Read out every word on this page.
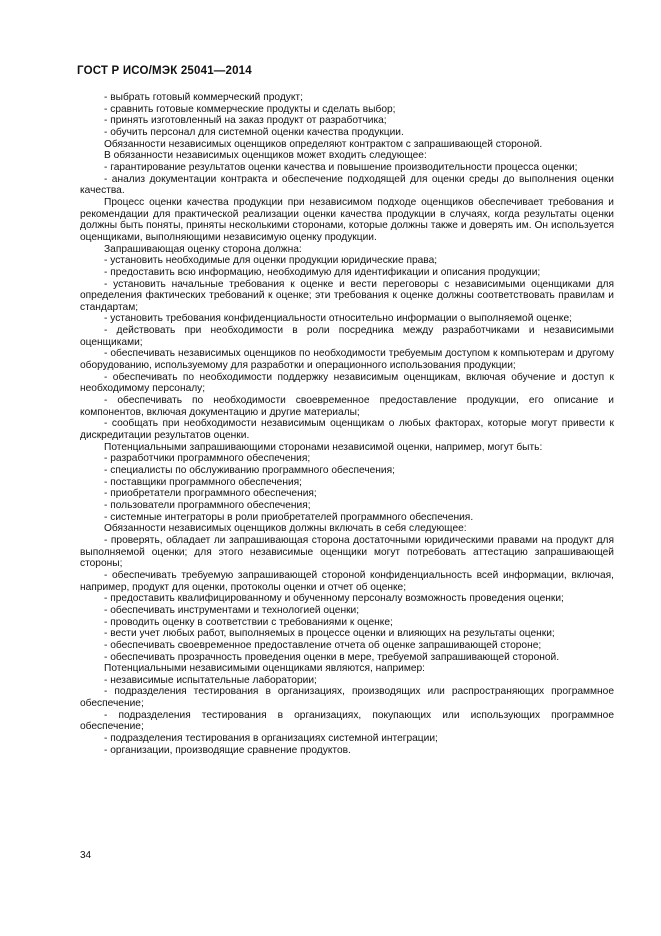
ГОСТ Р ИСО/МЭК 25041—2014

‑ выбрать готовый коммерческий продукт;

‑ сравнить готовые коммерческие продукты и сделать выбор;

‑ принять изготовленный на заказ продукт от разработчика;

‑ обучить персонал для системной оценки качества продукции.

Обязанности независимых оценщиков определяют контрактом с запрашивающей стороной.

В обязанности независимых оценщиков может входить следующее:

‑ гарантирование результатов оценки качества и повышение производительности процесса оценки;

‑ анализ документации контракта и обеспечение подходящей для оценки среды до выполнения оценки качества.

Процесс оценки качества продукции при независимом подходе оценщиков обеспечивает требования и рекомендации для практической реализации оценки качества продукции в случаях, когда результаты оценки должны быть поняты, приняты несколькими сторонами, которые должны также и доверять им. Он используется оценщиками, выполняющими независимую оценку продукции.

Запрашивающая оценку сторона должна:

‑ установить необходимые для оценки продукции юридические права;

‑ предоставить всю информацию, необходимую для идентификации и описания продукции;

‑ установить начальные требования к оценке и вести переговоры с независимыми оценщиками для определения фактических требований к оценке; эти требования к оценке должны соответствовать правилам и стандартам;

‑ установить требования конфиденциальности относительно информации о выполняемой оценке;

‑ действовать при необходимости в роли посредника между разработчиками и независимыми оценщиками;

‑ обеспечивать независимых оценщиков по необходимости требуемым доступом к компьютерам и другому оборудованию, используемому для разработки и операционного использования продукции;

‑ обеспечивать по необходимости поддержку независимым оценщикам, включая обучение и доступ к необходимому персоналу;

‑ обеспечивать по необходимости своевременное предоставление продукции, его описание и компонентов, включая документацию и другие материалы;

‑ сообщать при необходимости независимым оценщикам о любых факторах, которые могут привести к дискредитации результатов оценки.

Потенциальными запрашивающими сторонами независимой оценки, например, могут быть:

‑ разработчики программного обеспечения;

‑ специалисты по обслуживанию программного обеспечения;

‑ поставщики программного обеспечения;

‑ приобретатели программного обеспечения;

‑ пользователи программного обеспечения;

‑ системные интеграторы в роли приобретателей программного обеспечения.

Обязанности независимых оценщиков должны включать в себя следующее:

‑ проверять, обладает ли запрашивающая сторона достаточными юридическими правами на продукт для выполняемой оценки; для этого независимые оценщики могут потребовать аттестацию запрашивающей стороны;

‑ обеспечивать требуемую запрашивающей стороной конфиденциальность всей информации, включая, например, продукт для оценки, протоколы оценки и отчет об оценке;

‑ предоставить квалифицированному и обученному персоналу возможность проведения оценки;

‑ обеспечивать инструментами и технологией оценки;

‑ проводить оценку в соответствии с требованиями к оценке;

‑ вести учет любых работ, выполняемых в процессе оценки и влияющих на результаты оценки;

‑ обеспечивать своевременное предоставление отчета об оценке запрашивающей стороне;

‑ обеспечивать прозрачность проведения оценки в мере, требуемой запрашивающей стороной.

Потенциальными независимыми оценщиками являются, например:

‑ независимые испытательные лаборатории;

‑ подразделения тестирования в организациях, производящих или распространяющих программное обеспечение;

‑ подразделения тестирования в организациях, покупающих или использующих программное обеспечение;

‑ подразделения тестирования в организациях системной интеграции;

‑ организации, производящие сравнение продуктов.

34
